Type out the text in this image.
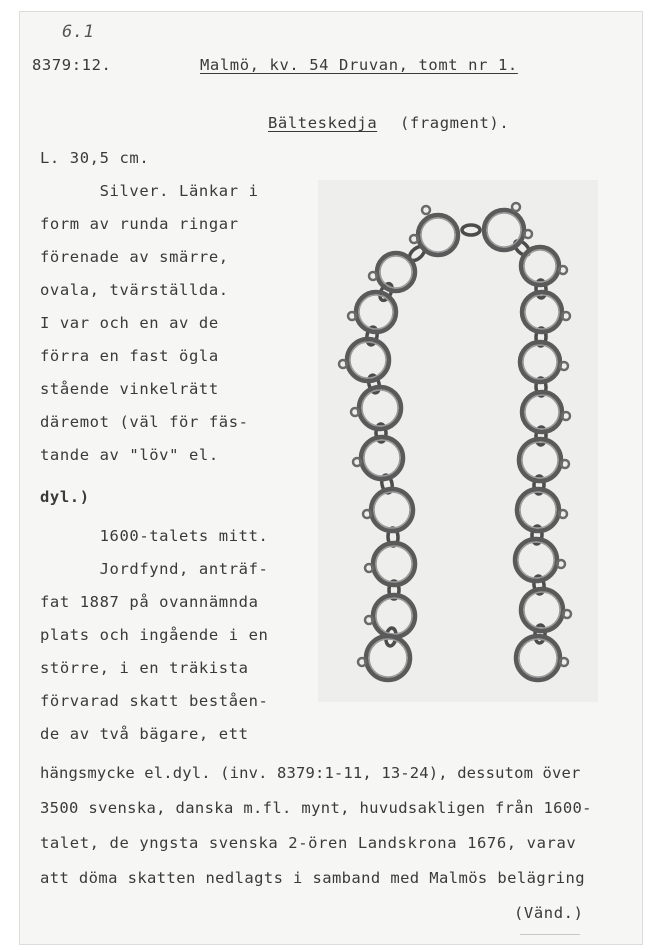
6.1
8379:12.	Malmö, kv. 54 Druvan, tomt nr 1.
Bälteskedja (fragment).
L. 30,5 cm.
Silver. Länkar i
form av runda ringar
förenade av smärre,
ovala, tvärställda.
I var och en av de
förra en fast ögla
stående vinkelrätt
däremot (väl för fäs-
tande av "löv" el.
dyl.)
1600-talets mitt.
Jordfynd, anträf-
fat 1887 på ovannämnda
plats och ingående i en
större, i en träkista
förvarad skatt beståen-
de av två bägare, ett
hängsmycke el.dyl. (inv. 8379:1-11, 13-24), dessutom över
3500 svenska, danska m.fl. mynt, huvudsakligen från 1600-
talet, de yngsta svenska 2-ören Landskrona 1676, varav
att döma skatten nedlagts i samband med Malmös belägring
(Vänd.)
